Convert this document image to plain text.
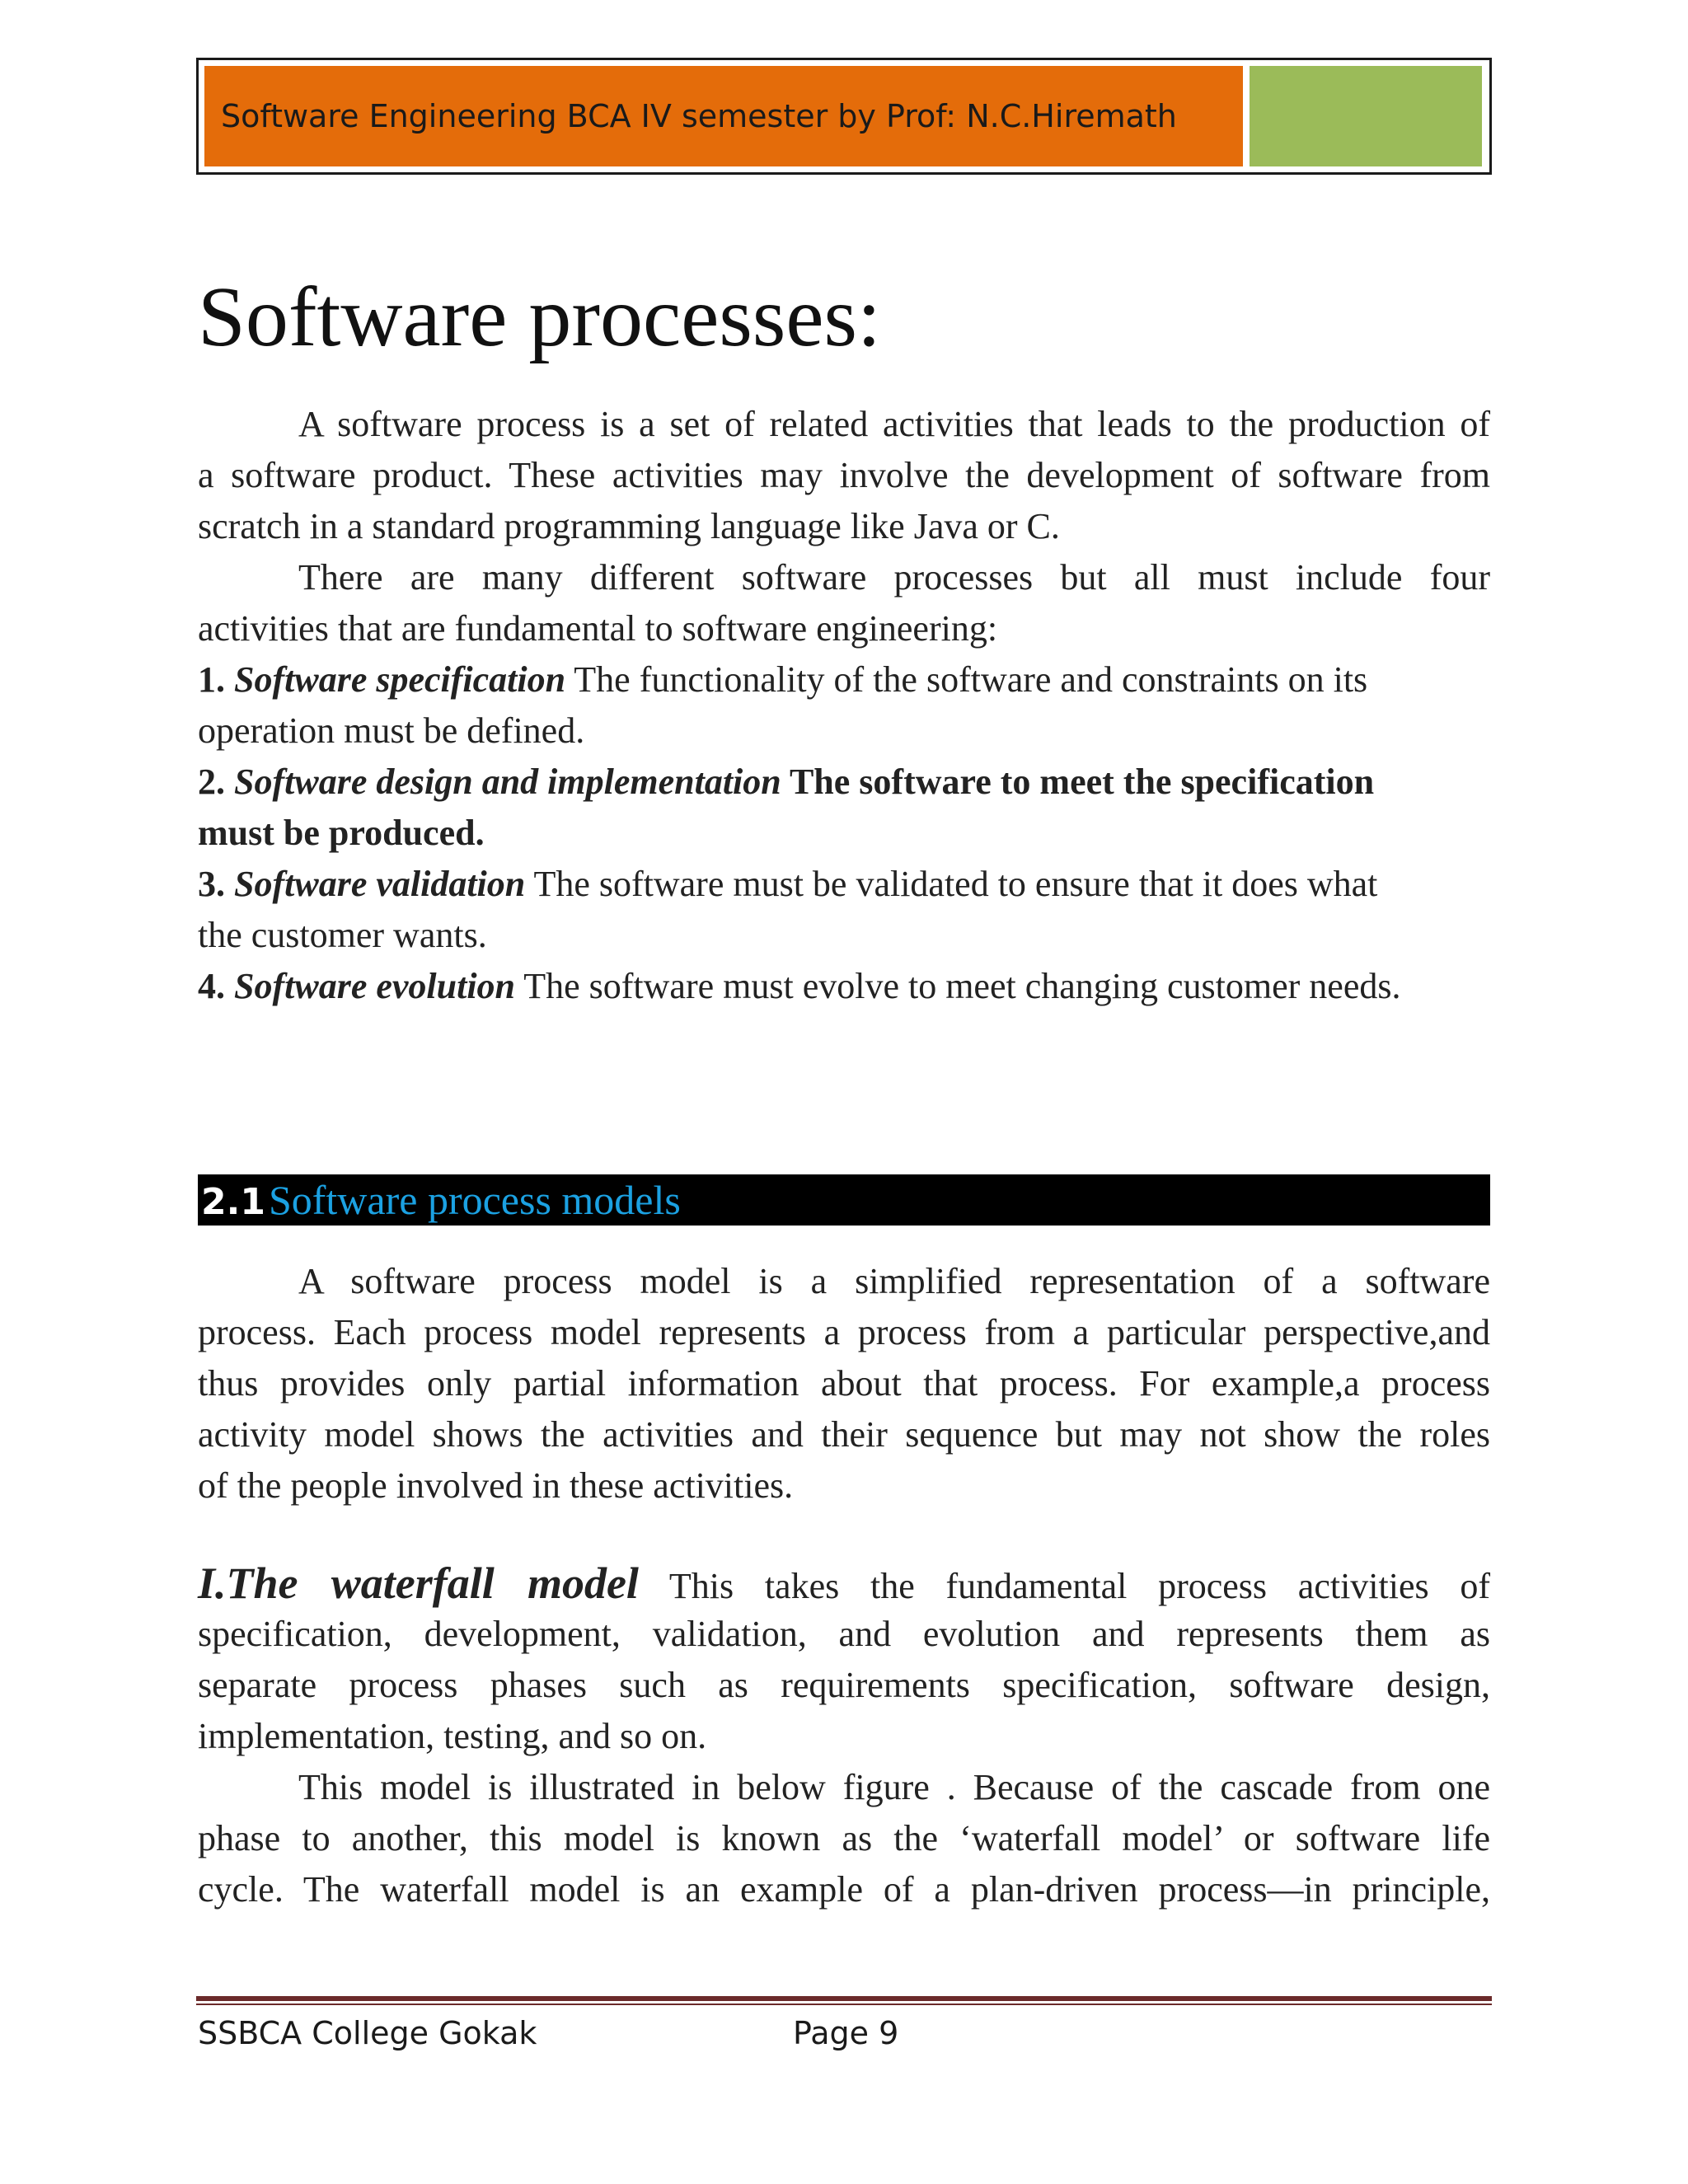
Software Engineering BCA IV semester by Prof: N.C.Hiremath
Software processes:
A software process is a set of related activities that leads to the production of
a software product. These activities may involve the development of software from
scratch in a standard programming language like Java or C.
There are many different software processes but all must include four
activities that are fundamental to software engineering:
1. Software specification The functionality of the software and constraints on its
operation must be defined.
2. Software design and implementation The software to meet the specification
must be produced.
3. Software validation The software must be validated to ensure that it does what
the customer wants.
4. Software evolution The software must evolve to meet changing customer needs.
2.1 Software process models
A software process model is a simplified representation of a software
process. Each process model represents a process from a particular perspective,and
thus provides only partial information about that process. For example,a process
activity model shows the activities and their sequence but may not show the roles
of the people involved in these activities.
I.The waterfall model This takes the fundamental process activities of
specification, development, validation, and evolution and represents them as
separate process phases such as requirements specification, software design,
implementation, testing, and so on.
This model is illustrated in below figure . Because of the cascade from one
phase to another, this model is known as the ‘waterfall model’ or software life
cycle. The waterfall model is an example of a plan-driven process—in principle,
SSBCA College Gokak	Page 9
